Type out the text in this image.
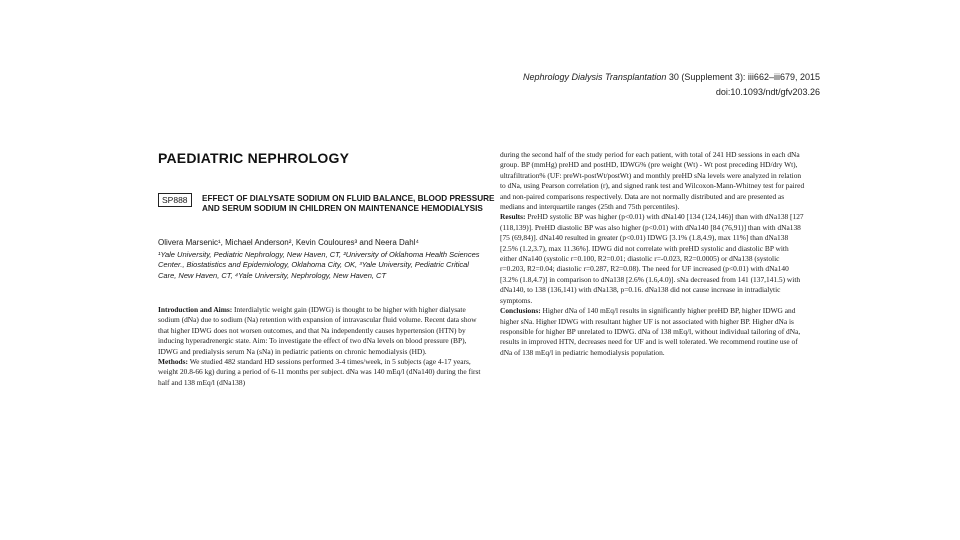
Nephrology Dialysis Transplantation 30 (Supplement 3): iii662–iii679, 2015
doi:10.1093/ndt/gfv203.26
PAEDIATRIC NEPHROLOGY
SP888	EFFECT OF DIALYSATE SODIUM ON FLUID BALANCE, BLOOD PRESSURE AND SERUM SODIUM IN CHILDREN ON MAINTENANCE HEMODIALYSIS
Olivera Marsenic¹, Michael Anderson², Kevin Couloures³ and Neera Dahl⁴
¹Yale University, Pediatric Nephrology, New Haven, CT, ²University of Oklahoma Health Sciences Center., Biostatistics and Epidemiology, Oklahoma City, OK, ³Yale University, Pediatric Critical Care, New Haven, CT, ⁴Yale University, Nephrology, New Haven, CT

Introduction and Aims: Interdialytic weight gain (IDWG) is thought to be higher with higher dialysate sodium (dNa) due to sodium (Na) retention with expansion of intravascular fluid volume. Recent data show that higher IDWG does not worsen outcomes, and that Na independently causes hypertension (HTN) by inducing hyperadrenergic state. Aim: To investigate the effect of two dNa levels on blood pressure (BP), IDWG and predialysis serum Na (sNa) in pediatric patients on chronic hemodialysis (HD).

Methods: We studied 482 standard HD sessions performed 3-4 times/week, in 5 subjects (age 4-17 years, weight 20.8-66 kg) during a period of 6-11 months per subject. dNa was 140 mEq/l (dNa140) during the first half and 138 mEq/l (dNa138)

during the second half of the study period for each patient, with total of 241 HD sessions in each dNa group. BP (mmHg) preHD and postHD, IDWG% (pre weight (Wt) - Wt post preceding HD/dry Wt), ultrafiltration% (UF: preWt-postWt/postWt) and monthly preHD sNa levels were analyzed in relation to dNa, using Pearson correlation (r), and signed rank test and Wilcoxon-Mann-Whitney test for paired and non-paired comparisons respectively. Data are not normally distributed and are presented as medians and interquartile ranges (25th and 75th percentiles).

Results: PreHD systolic BP was higher (p<0.01) with dNa140 [134 (124,146)] than with dNa138 [127 (118,139)]. PreHD diastolic BP was also higher (p<0.01) with dNa140 [84 (76,91)] than with dNa138 [75 (69,84)]. dNa140 resulted in greater (p<0.01) IDWG [3.1% (1.8,4.9), max 11%] than dNa138 [2.5% (1.2,3.7), max 11.36%]. IDWG did not correlate with preHD systolic and diastolic BP with either dNa140 (systolic r=0.100, R2=0.01; diastolic r=-0.023, R2=0.0005) or dNa138 (systolic r=0.203, R2=0.04; diastolic r=0.287, R2=0.08). The need for UF increased (p<0.01) with dNa140 [3.2% (1.8,4.7)] in comparison to dNa138 [2.6% (1.6,4.0)]. sNa decreased from 141 (137,141.5) with dNa140, to 138 (136,141) with dNa138, p=0.16. dNa138 did not cause increase in intradialytic symptoms.

Conclusions: Higher dNa of 140 mEq/l results in significantly higher preHD BP, higher IDWG and higher sNa. Higher IDWG with resultant higher UF is not associated with higher BP. Higher dNa is responsible for higher BP unrelated to IDWG. dNa of 138 mEq/l, without individual tailoring of dNa, results in improved HTN, decreases need for UF and is well tolerated. We recommend routine use of dNa of 138 mEq/l in pediatric hemodialysis population.
